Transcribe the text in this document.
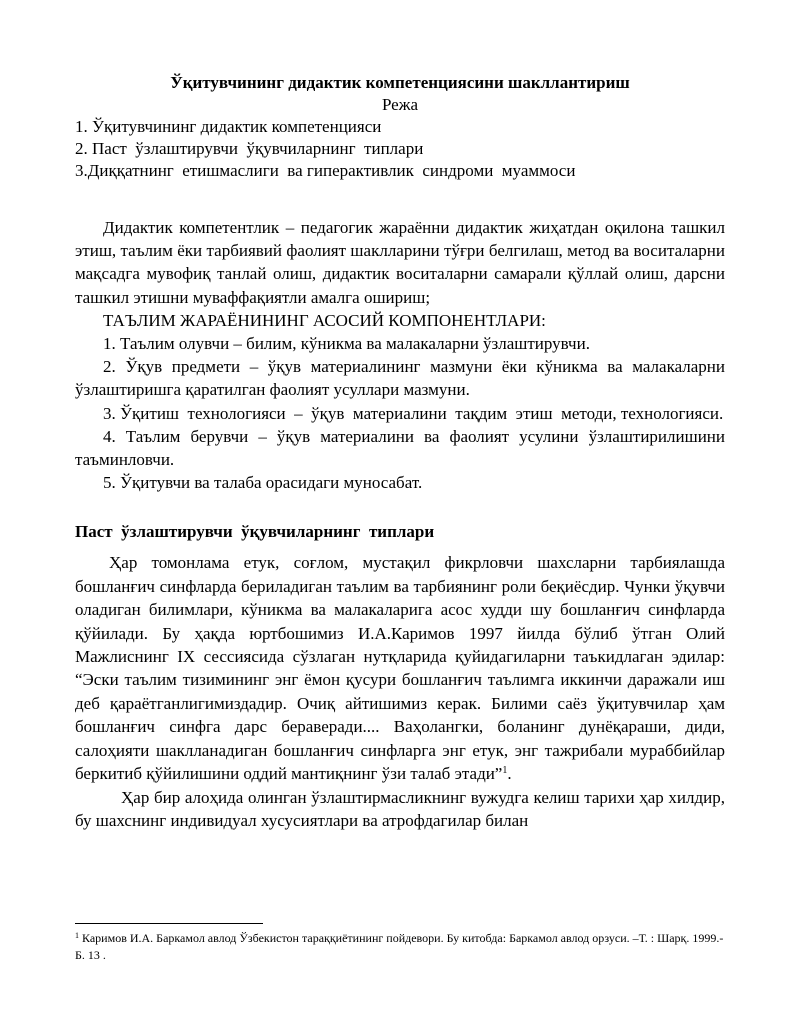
Ўқитувчининг дидактик компетенциясини шакллантириш
Режа

1. Ўқитувчининг дидактик компетенцияси

2. Паст  ўзлаштирувчи  ўқувчиларнинг  типлари

3.Диққатнинг  етишмаслиги  ва гиперактивлик  синдроми  муаммоси

Дидактик компетентлик – педагогик жараённи дидактик жиҳатдан оқилона ташкил этиш, таълим ёки тарбиявий фаолият шаклларини тўғри белгилаш, метод ва воситаларни мақсадга мувофиқ танлай олиш, дидактик воситаларни самарали қўллай олиш, дарсни ташкил этишни муваффақиятли амалга ошириш;

ТАЪЛИМ ЖАРАЁНИНИНГ АСОСИЙ КОМПОНЕНТЛАРИ:

1. Таълим олувчи – билим, кўникма ва малакаларни ўзлаштирувчи.

2. Ўқув предмети – ўқув материалининг мазмуни ёки кўникма ва малакаларни ўзлаштиришга қаратилган фаолият усуллари мазмуни.

3. Ўқитиш  технологияси  –  ўқув  материалини  тақдим  этиш  методи, технологияси.

4. Таълим берувчи – ўқув материалини ва фаолият усулини ўзлаштирилишини таъминловчи.

5. Ўқитувчи ва талаба орасидаги муносабат.

Паст  ўзлаштирувчи  ўқувчиларнинг  типлари

Ҳар томонлама етук, соғлом, мустақил фикрловчи шахсларни тарбиялашда бошланғич синфларда бериладиган таълим ва тарбиянинг роли беқиёсдир. Чунки ўқувчи оладиган билимлари, кўникма ва малакаларига асос худди шу бошланғич синфларда қўйилади. Бу ҳақда юртбошимиз И.А.Каримов 1997 йилда бўлиб ўтган Олий Мажлиснинг IX сессиясида сўзлаган нутқларида қуйидагиларни таъкидлаган эдилар: “Эски таълим тизимининг энг ёмон қусури бошланғич таълимга иккинчи даражали иш деб қараётганлигимиздадир. Очиқ айтишимиз керак. Билими саёз ўқитувчилар ҳам бошланғич синфга дарс бераверади.... Ваҳолангки, боланинг дунёқараши, диди, салоҳияти шаклланадиган бошланғич синфларга энг етук, энг тажрибали мураббийлар беркитиб қўйилишини оддий мантиқнинг ўзи талаб этади”$^1$.

Ҳар бир алоҳида олинган ўзлаштирмасликнинг вужудга келиш тарихи ҳар хилдир, бу шахснинг индивидуал хусусиятлари ва атрофдагилар билан

$^1$ Каримов И.А. Баркамол авлод Ўзбекистон тараққиётининг пойдевори. Бу китобда: Баркамол авлод орзуси. –Т. : Шарқ. 1999.-Б. 13 .
